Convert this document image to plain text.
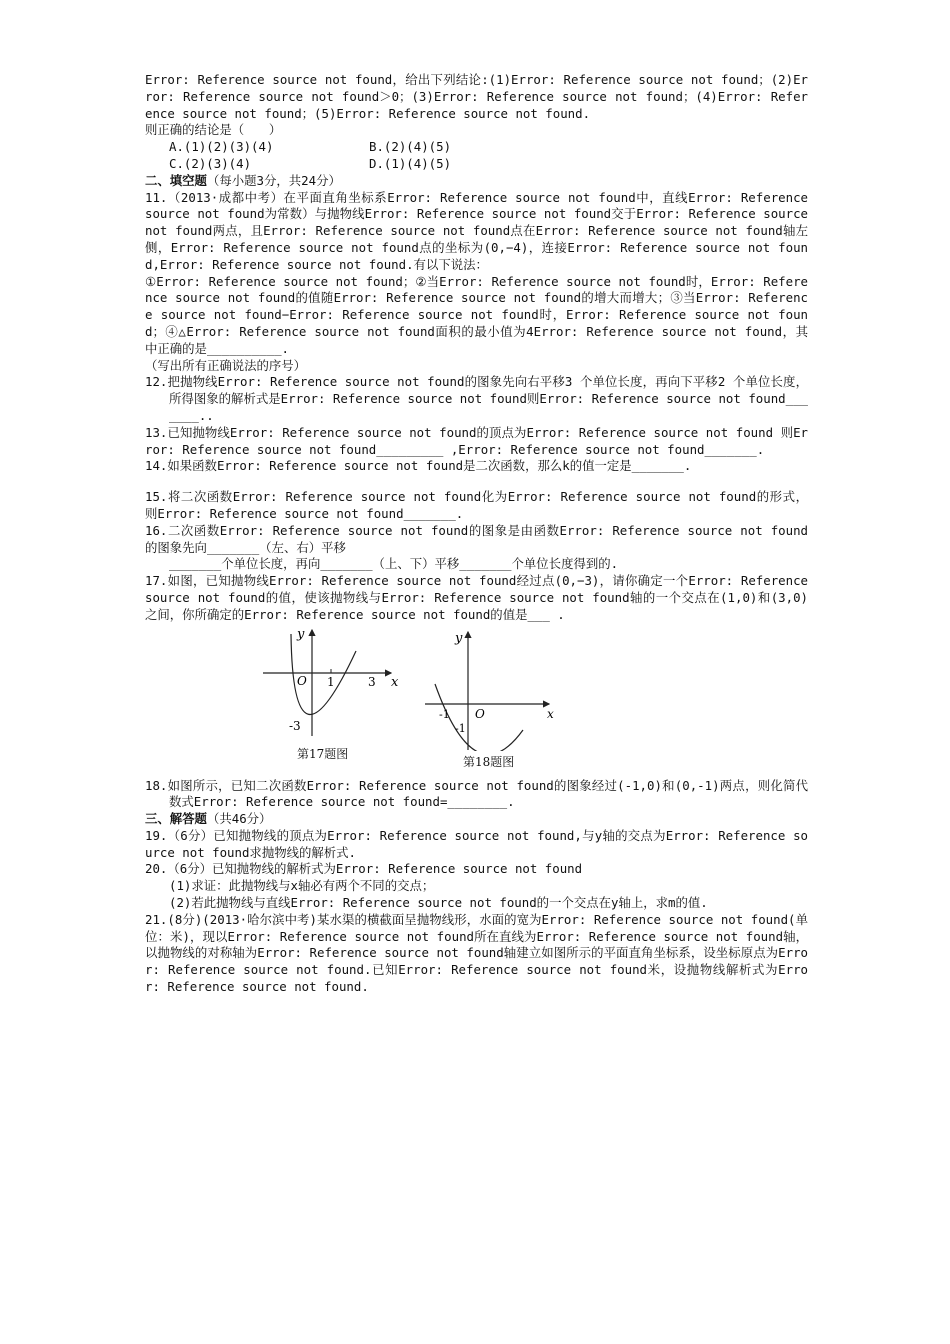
Error: Reference source not found，给出下列结论:(1)Error: Reference source not found；(2)Error: Reference source not found＞0；(3)Error: Reference source not found；(4)Error: Reference source not found；(5)Error: Reference source not found.

则正确的结论是（　　）

A.(1)(2)(3)(4)	B.(2)(4)(5)
C.(2)(3)(4)	D.(1)(4)(5)

二、填空题（每小题3分，共24分）

11.（2013·成都中考）在平面直角坐标系Error: Reference source not found中，直线Error: Reference source not found为常数）与抛物线Error: Reference source not found交于Error: Reference source not found两点，且Error: Reference source not found点在Error: Reference source not found轴左侧，Error: Reference source not found点的坐标为(0,−4)，连接Error: Reference source not found,Error: Reference source not found.有以下说法：

①Error: Reference source not found；②当Error: Reference source not found时，Error: Reference source not found的值随Error: Reference source not found的增大而增大；③当Error: Reference source not found−Error: Reference source not found时，Error: Reference source not found；④△Error: Reference source not found面积的最小值为4Error: Reference source not found，其中正确的是__________.

（写出所有正确说法的序号）

12.把抛物线Error: Reference source not found的图象先向右平移3 个单位长度，再向下平移2 个单位长度，所得图象的解析式是Error: Reference source not found则Error: Reference source not found_______..

13.已知抛物线Error: Reference source not found的顶点为Error: Reference source not found 则Error: Reference source not found_________ ,Error: Reference source not found_______.

14.如果函数Error: Reference source not found是二次函数，那么k的值一定是_______.

15.将二次函数Error: Reference source not found化为Error: Reference source not found的形式，则Error: Reference source not found_______.

16.二次函数Error: Reference source not found的图象是由函数Error: Reference source not found的图象先向_______（左、右）平移

_______个单位长度，再向_______（上、下）平移_______个单位长度得到的.

17.如图，已知抛物线Error: Reference source not found经过点(0,−3)，请你确定一个Error: Reference source not found的值，使该抛物线与Error: Reference source not found轴的一个交点在(1,0)和(3,0)之间，你所确定的Error: Reference source not found的值是___ .

y
O 1	3 x
-3
第17题图
y
-1 O	x
-1
第18题图

18.如图所示，已知二次函数Error: Reference source not found的图象经过(-1,0)和(0,-1)两点，则化简代数式Error: Reference source not found=________.

三、解答题（共46分）

19.（6分）已知抛物线的顶点为Error: Reference source not found,与y轴的交点为Error: Reference source not found求抛物线的解析式.

20.（6分）已知抛物线的解析式为Error: Reference source not found

(1)求证：此抛物线与x轴必有两个不同的交点；

(2)若此抛物线与直线Error: Reference source not found的一个交点在y轴上，求m的值.

21.(8分)(2013·哈尔滨中考)某水渠的横截面呈抛物线形，水面的宽为Error: Reference source not found(单位：米)，现以Error: Reference source not found所在直线为Error: Reference source not found轴，以抛物线的对称轴为Error: Reference source not found轴建立如图所示的平面直角坐标系，设坐标原点为Error: Reference source not found.已知Error: Reference source not found米，设抛物线解析式为Error: Reference source not found.
